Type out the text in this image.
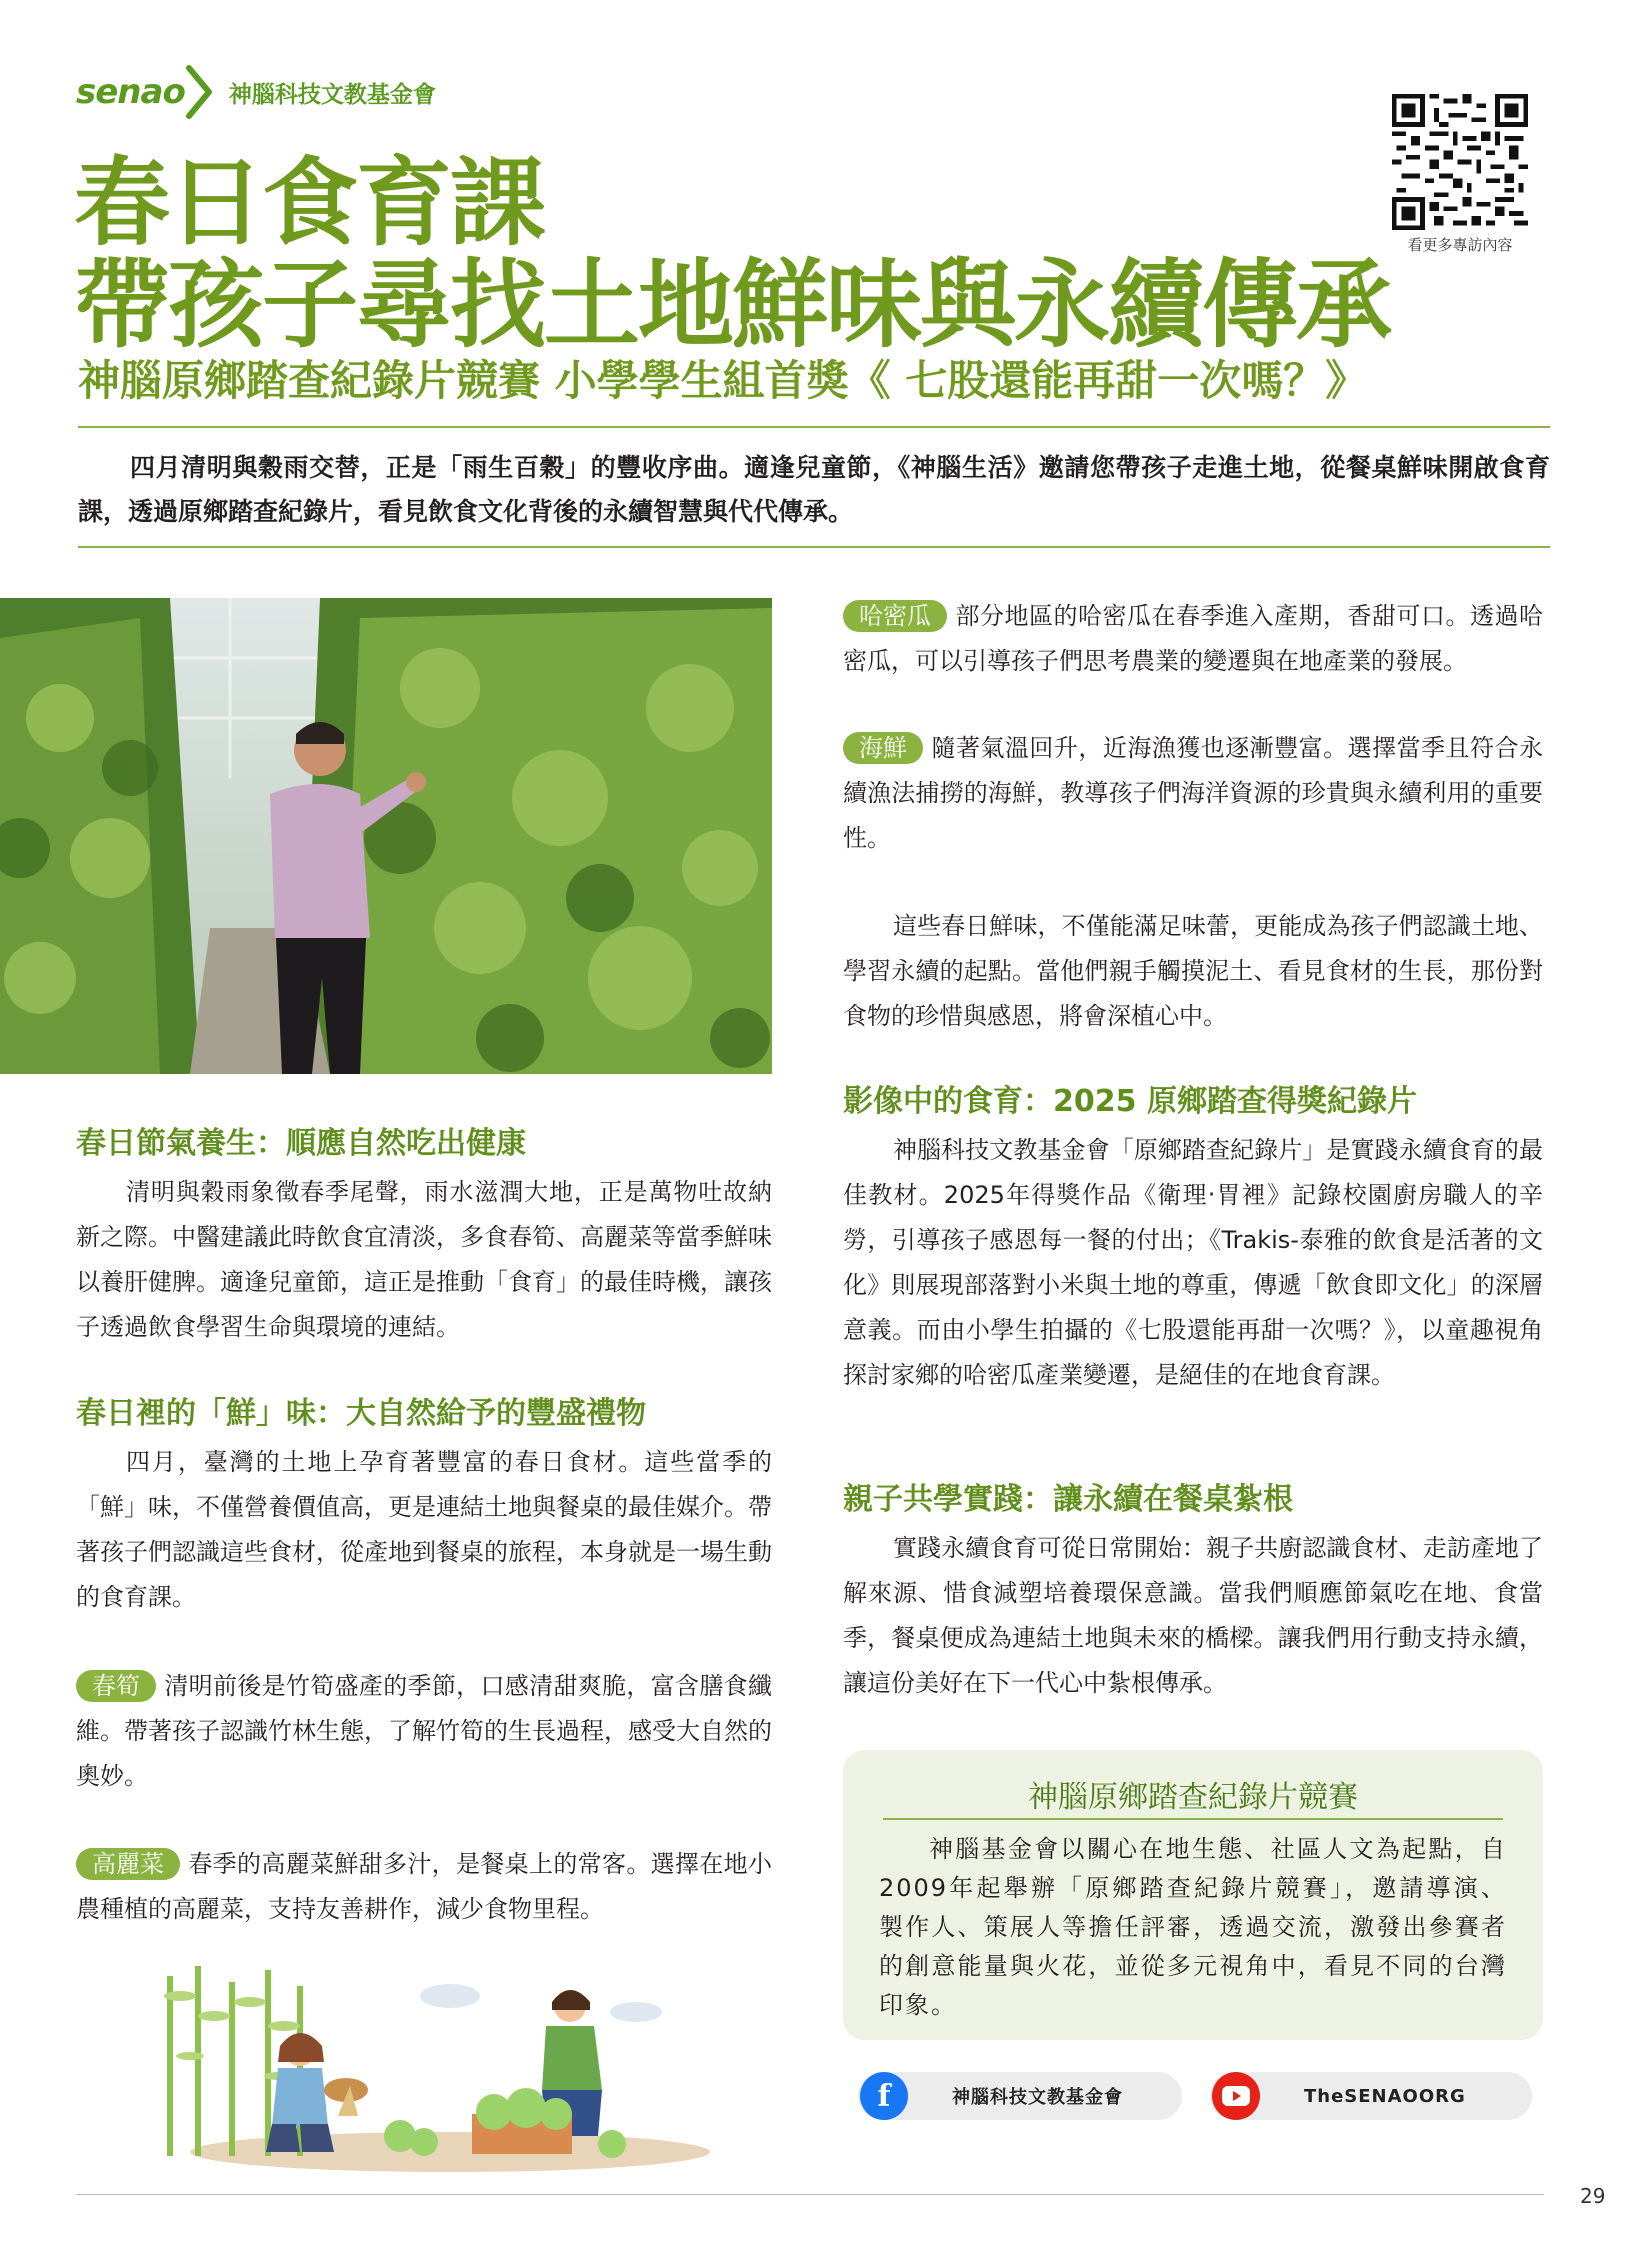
senao 神腦科技文教基金會
看更多專訪內容
春日食育課
帶孩子尋找土地鮮味與永續傳承
神腦原鄉踏查紀錄片競賽 小學學生組首獎《 七股還能再甜一次嗎？》

四月清明與穀雨交替，正是「雨生百穀」的豐收序曲。適逢兒童節，《神腦生活》邀請您帶孩子走進土地，從餐桌鮮味開啟食育課，透過原鄉踏查紀錄片，看見飲食文化背後的永續智慧與代代傳承。

春日節氣養生：順應自然吃出健康

清明與穀雨象徵春季尾聲，雨水滋潤大地，正是萬物吐故納新之際。中醫建議此時飲食宜清淡，多食春筍、高麗菜等當季鮮味以養肝健脾。適逢兒童節，這正是推動「食育」的最佳時機，讓孩子透過飲食學習生命與環境的連結。

春日裡的「鮮」味：大自然給予的豐盛禮物

四月，臺灣的土地上孕育著豐富的春日食材。這些當季的「鮮」味，不僅營養價值高，更是連結土地與餐桌的最佳媒介。帶著孩子們認識這些食材，從產地到餐桌的旅程，本身就是一場生動的食育課。

春筍 清明前後是竹筍盛產的季節，口感清甜爽脆，富含膳食纖維。帶著孩子認識竹林生態，了解竹筍的生長過程，感受大自然的奧妙。

高麗菜 春季的高麗菜鮮甜多汁，是餐桌上的常客。選擇在地小農種植的高麗菜，支持友善耕作，減少食物里程。

哈密瓜 部分地區的哈密瓜在春季進入產期，香甜可口。透過哈密瓜，可以引導孩子們思考農業的變遷與在地產業的發展。

海鮮 隨著氣溫回升，近海漁獲也逐漸豐富。選擇當季且符合永續漁法捕撈的海鮮，教導孩子們海洋資源的珍貴與永續利用的重要性。

這些春日鮮味，不僅能滿足味蕾，更能成為孩子們認識土地、學習永續的起點。當他們親手觸摸泥土、看見食材的生長，那份對食物的珍惜與感恩，將會深植心中。

影像中的食育：2025 原鄉踏查得獎紀錄片

神腦科技文教基金會「原鄉踏查紀錄片」是實踐永續食育的最佳教材。2025年得獎作品《衛理‧胃裡》記錄校園廚房職人的辛勞，引導孩子感恩每一餐的付出；《Trakis-泰雅的飲食是活著的文化》則展現部落對小米與土地的尊重，傳遞「飲食即文化」的深層意義。而由小學生拍攝的《七股還能再甜一次嗎？》，以童趣視角探討家鄉的哈密瓜產業變遷，是絕佳的在地食育課。

親子共學實踐：讓永續在餐桌紮根

實踐永續食育可從日常開始：親子共廚認識食材、走訪產地了解來源、惜食減塑培養環保意識。當我們順應節氣吃在地、食當季，餐桌便成為連結土地與未來的橋樑。讓我們用行動支持永續，讓這份美好在下一代心中紮根傳承。

神腦原鄉踏查紀錄片競賽
神腦基金會以關心在地生態、社區人文為起點，自2009年起舉辦「原鄉踏查紀錄片競賽」，邀請導演、製作人、策展人等擔任評審，透過交流，激發出參賽者的創意能量與火花，並從多元視角中，看見不同的台灣印象。
f	神腦科技文教基金會	TheSENAOORG
29
